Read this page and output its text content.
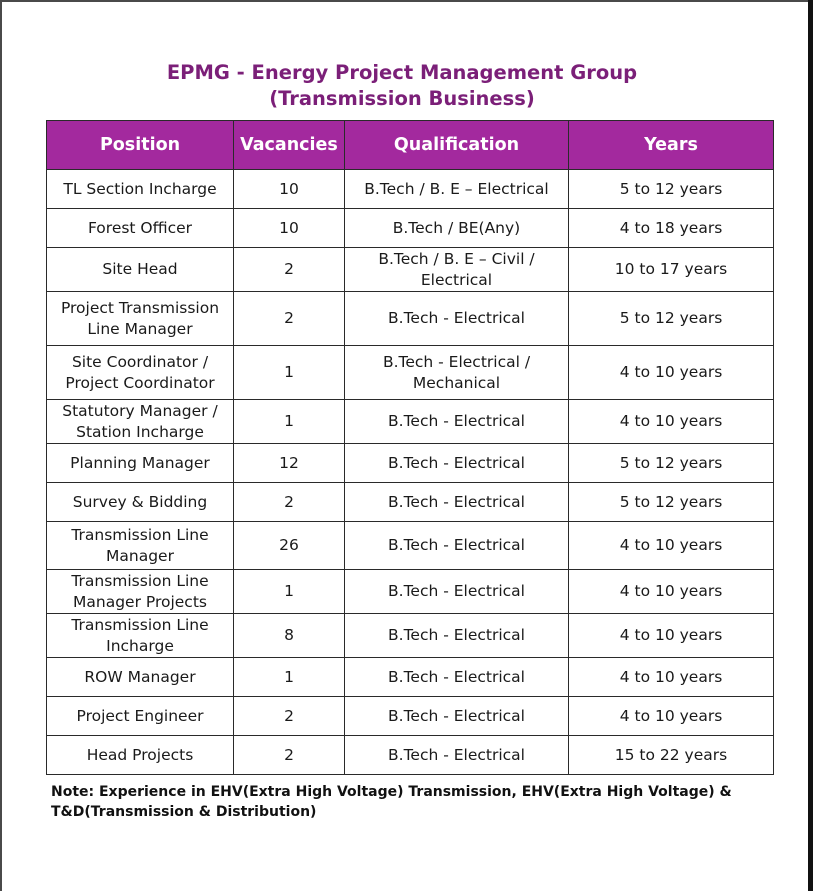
EPMG - Energy Project Management Group
(Transmission Business)
Position	Vacancies	Qualification	Years
TL Section Incharge	10	B.Tech / B. E – Electrical	5 to 12 years
Forest Officer	10	B.Tech / BE(Any)	4 to 18 years
Site Head	2	B.Tech / B. E – Civil / Electrical	10 to 17 years
Project Transmission Line Manager	2	B.Tech - Electrical	5 to 12 years
Site Coordinator / Project Coordinator	1	B.Tech - Electrical / Mechanical	4 to 10 years
Statutory Manager / Station Incharge	1	B.Tech - Electrical	4 to 10 years
Planning Manager	12	B.Tech - Electrical	5 to 12 years
Survey & Bidding	2	B.Tech - Electrical	5 to 12 years
Transmission Line Manager	26	B.Tech - Electrical	4 to 10 years
Transmission Line Manager Projects	1	B.Tech - Electrical	4 to 10 years
Transmission Line Incharge	8	B.Tech - Electrical	4 to 10 years
ROW Manager	1	B.Tech - Electrical	4 to 10 years
Project Engineer	2	B.Tech - Electrical	4 to 10 years
Head Projects	2	B.Tech - Electrical	15 to 22 years
Note: Experience in EHV(Extra High Voltage) Transmission, EHV(Extra High Voltage) & T&D(Transmission & Distribution)
